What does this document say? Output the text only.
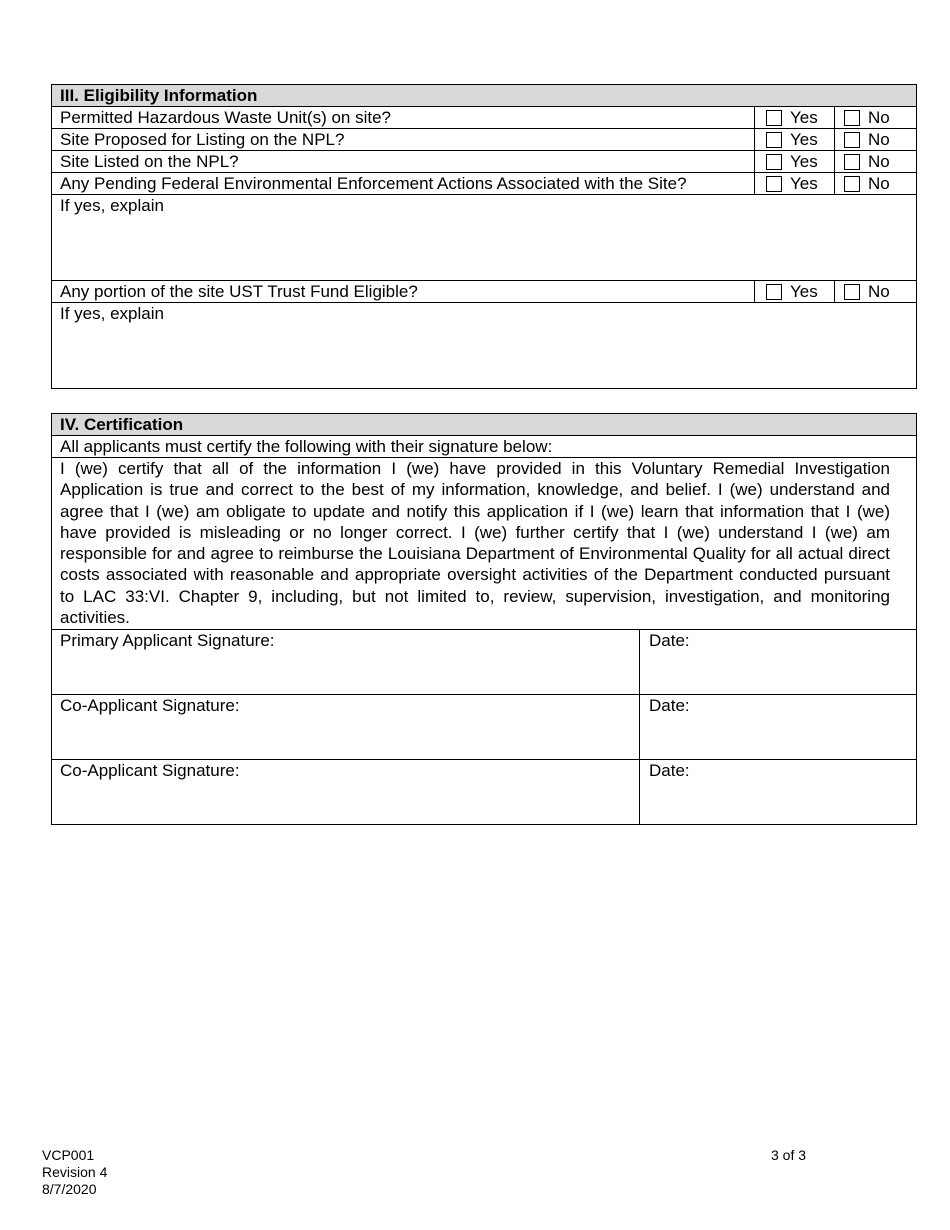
III. Eligibility Information
Permitted Hazardous Waste Unit(s) on site?	Yes	No
Site Proposed for Listing on the NPL?	Yes	No
Site Listed on the NPL?	Yes	No
Any Pending Federal Environmental Enforcement Actions Associated with the Site?	Yes	No
If yes, explain
Any portion of the site UST Trust Fund Eligible?	Yes	No
If yes, explain
IV. Certification
All applicants must certify the following with their signature below:
I (we) certify that all of the information I (we) have provided in this Voluntary Remedial Investigation Application is true and correct to the best of my information, knowledge, and belief. I (we) understand and agree that I (we) am obligate to update and notify this application if I (we) learn that information that I (we) have provided is misleading or no longer correct. I (we) further certify that I (we) understand I (we) am responsible for and agree to reimburse the Louisiana Department of Environmental Quality for all actual direct costs associated with reasonable and appropriate oversight activities of the Department conducted pursuant to LAC 33:VI. Chapter 9, including, but not limited to, review, supervision, investigation, and monitoring activities.
Primary Applicant Signature:	Date:
Co-Applicant Signature:	Date:
Co-Applicant Signature:	Date:
VCP001
Revision 4
8/7/2020
3 of 3
